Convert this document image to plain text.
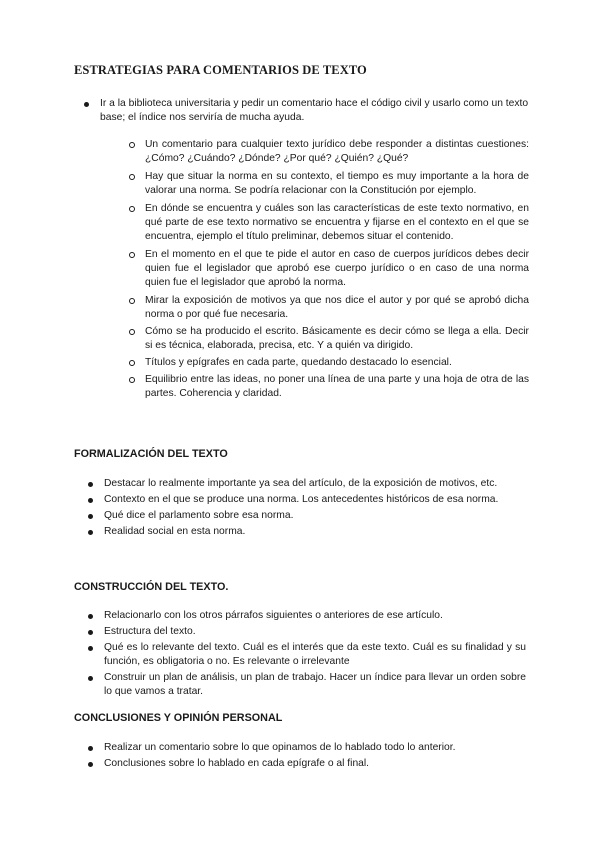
ESTRATEGIAS PARA COMENTARIOS DE TEXTO
Ir a la biblioteca universitaria y pedir un comentario hace el código civil y usarlo como un texto base; el índice nos serviría de mucha ayuda.
Un comentario para cualquier texto jurídico debe responder a distintas cuestiones: ¿Cómo? ¿Cuándo? ¿Dónde? ¿Por qué? ¿Quién? ¿Qué?
Hay que situar la norma en su contexto, el tiempo es muy importante a la hora de valorar una norma. Se podría relacionar con la Constitución por ejemplo.
En dónde se encuentra y cuáles son las características de este texto normativo, en qué parte de ese texto normativo se encuentra y fijarse en el contexto en el que se encuentra, ejemplo el título preliminar, debemos situar el contenido.
En el momento en el que te pide el autor en caso de cuerpos jurídicos debes decir quien fue el legislador que aprobó ese cuerpo jurídico o en caso de una norma quien fue el legislador que aprobó la norma.
Mirar la exposición de motivos ya que nos dice el autor y por qué se aprobó dicha norma o por qué fue necesaria.
Cómo se ha producido el escrito. Básicamente es decir cómo se llega a ella. Decir si es técnica, elaborada, precisa, etc. Y a quién va dirigido.
Títulos y epígrafes en cada parte, quedando destacado lo esencial.
Equilibrio entre las ideas, no poner una línea de una parte y una hoja de otra de las partes. Coherencia y claridad.
FORMALIZACIÓN DEL TEXTO
Destacar lo realmente importante ya sea del artículo, de la exposición de motivos, etc.
Contexto en el que se produce una norma. Los antecedentes históricos de esa norma.
Qué dice el parlamento sobre esa norma.
Realidad social en esta norma.
CONSTRUCCIÓN DEL TEXTO.
Relacionarlo con los otros párrafos siguientes o anteriores de ese artículo.
Estructura del texto.
Qué es lo relevante del texto. Cuál es el interés que da este texto. Cuál es su finalidad y su función, es obligatoria o no. Es relevante o irrelevante
Construir un plan de análisis, un plan de trabajo. Hacer un índice para llevar un orden sobre lo que vamos a tratar.
CONCLUSIONES Y OPINIÓN PERSONAL
Realizar un comentario sobre lo que opinamos de lo hablado todo lo anterior.
Conclusiones sobre lo hablado en cada epígrafe o al final.
